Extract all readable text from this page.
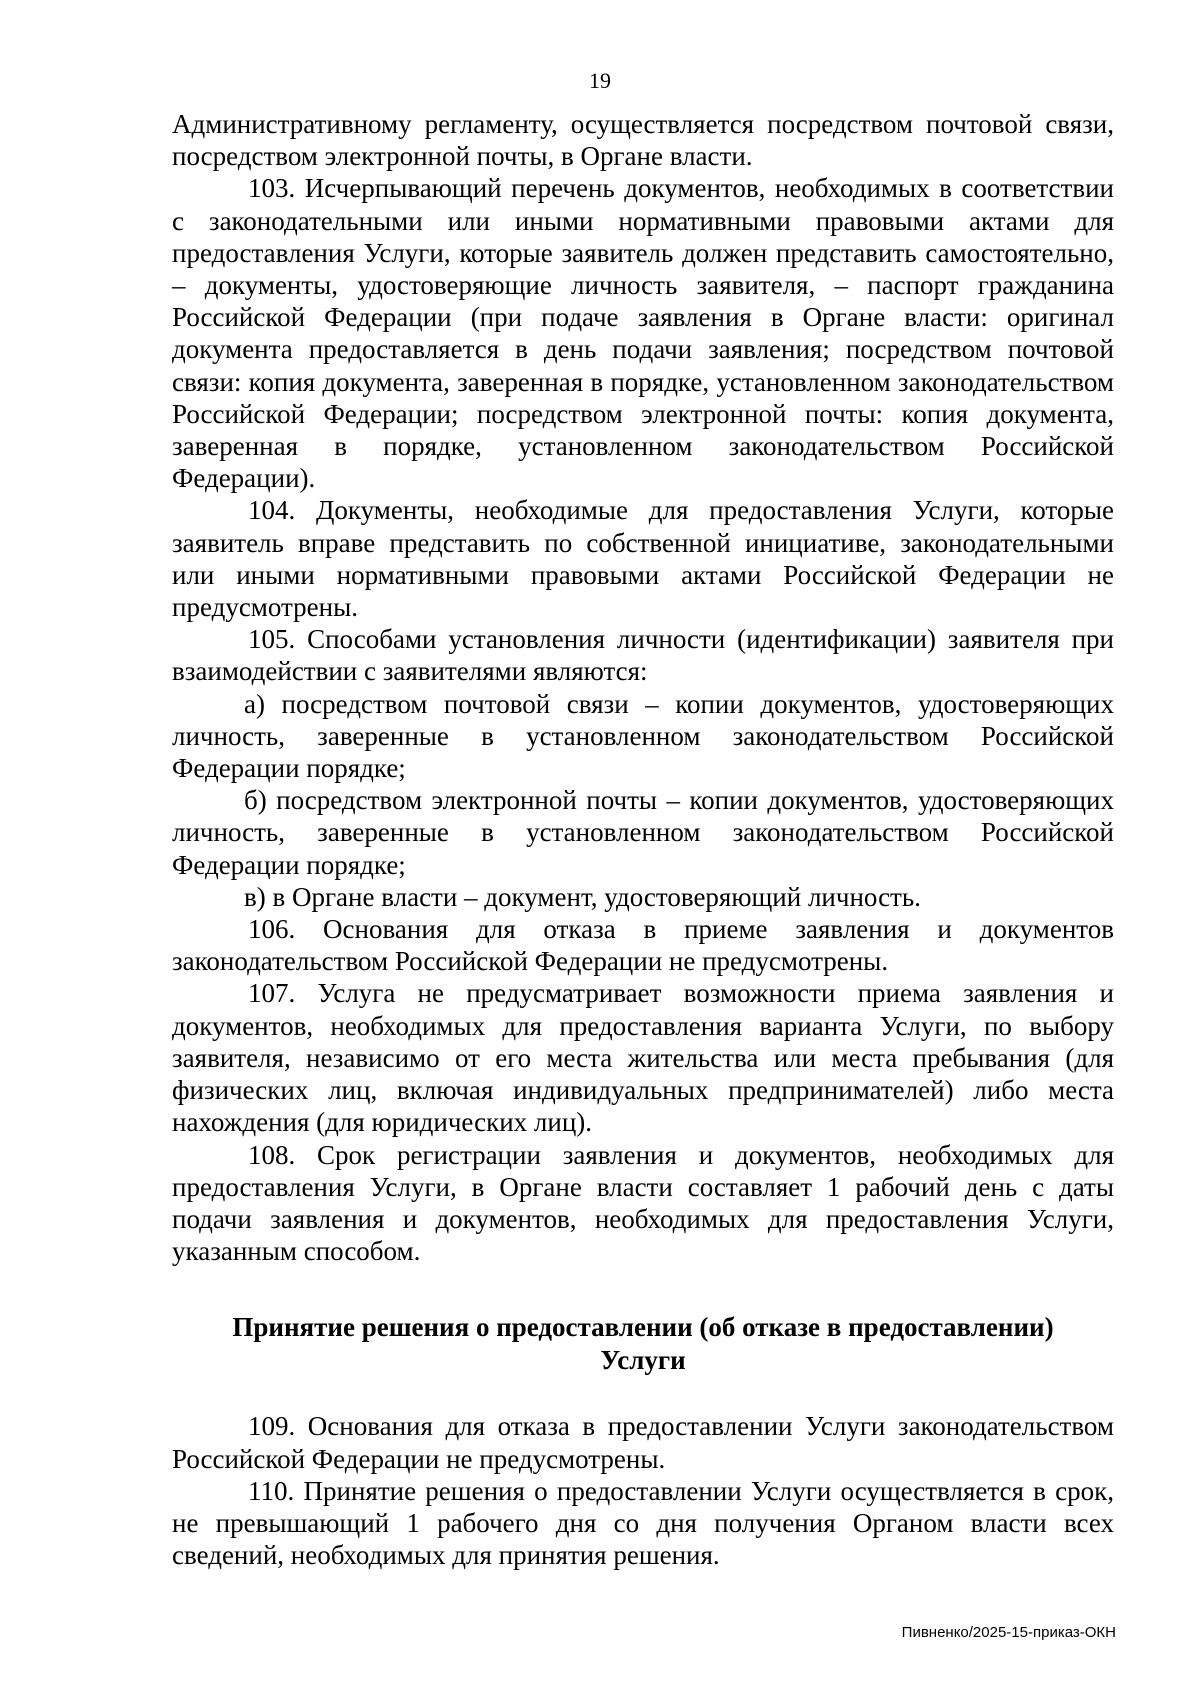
19

Административному регламенту, осуществляется посредством почтовой связи, посредством электронной почты, в Органе власти.

103. Исчерпывающий перечень документов, необходимых в соответствии с законодательными или иными нормативными правовыми актами для предоставления Услуги, которые заявитель должен представить самостоятельно, – документы, удостоверяющие личность заявителя, – паспорт гражданина Российской Федерации (при подаче заявления в Органе власти: оригинал документа предоставляется в день подачи заявления; посредством почтовой связи: копия документа, заверенная в порядке, установленном законодательством Российской Федерации; посредством электронной почты: копия документа, заверенная в порядке, установленном законодательством Российской Федерации).

104. Документы, необходимые для предоставления Услуги, которые заявитель вправе представить по собственной инициативе, законодательными или иными нормативными правовыми актами Российской Федерации не предусмотрены.

105. Способами установления личности (идентификации) заявителя при взаимодействии с заявителями являются:

а) посредством почтовой связи – копии документов, удостоверяющих личность, заверенные в установленном законодательством Российской Федерации порядке;

б) посредством электронной почты – копии документов, удостоверяющих личность, заверенные в установленном законодательством Российской Федерации порядке;

в) в Органе власти – документ, удостоверяющий личность.

106. Основания для отказа в приеме заявления и документов законодательством Российской Федерации не предусмотрены.

107. Услуга не предусматривает возможности приема заявления и документов, необходимых для предоставления варианта Услуги, по выбору заявителя, независимо от его места жительства или места пребывания (для физических лиц, включая индивидуальных предпринимателей) либо места нахождения (для юридических лиц).

108. Срок регистрации заявления и документов, необходимых для предоставления Услуги, в Органе власти составляет 1 рабочий день с даты подачи заявления и документов, необходимых для предоставления Услуги, указанным способом.

Принятие решения о предоставлении (об отказе в предоставлении)
Услуги

109. Основания для отказа в предоставлении Услуги законодательством Российской Федерации не предусмотрены.

110. Принятие решения о предоставлении Услуги осуществляется в срок, не превышающий 1 рабочего дня со дня получения Органом власти всех сведений, необходимых для принятия решения.

Пивненко/2025-15-приказ-ОКН
